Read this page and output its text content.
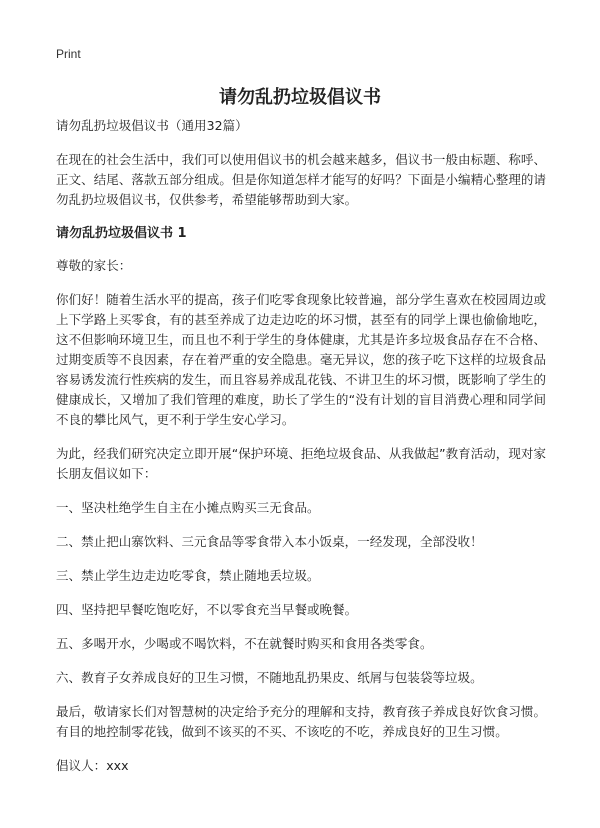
Print
请勿乱扔垃圾倡议书

请勿乱扔垃圾倡议书（通用32篇）

在现在的社会生活中，我们可以使用倡议书的机会越来越多，倡议书一般由标题、称呼、正文、结尾、落款五部分组成。但是你知道怎样才能写的好吗？下面是小编精心整理的请勿乱扔垃圾倡议书，仅供参考，希望能够帮助到大家。

请勿乱扔垃圾倡议书 1

尊敬的家长：

你们好！随着生活水平的提高，孩子们吃零食现象比较普遍，部分学生喜欢在校园周边或上下学路上买零食，有的甚至养成了边走边吃的坏习惯，甚至有的同学上课也偷偷地吃，这不但影响环境卫生，而且也不利于学生的身体健康，尤其是许多垃圾食品存在不合格、过期变质等不良因素，存在着严重的安全隐患。毫无异议，您的孩子吃下这样的垃圾食品容易诱发流行性疾病的发生，而且容易养成乱花钱、不讲卫生的坏习惯，既影响了学生的健康成长，又增加了我们管理的难度，助长了学生的“没有计划的盲目消费心理和同学间不良的攀比风气，更不利于学生安心学习。

为此，经我们研究决定立即开展“保护环境、拒绝垃圾食品、从我做起”教育活动，现对家长朋友倡议如下：

一、坚决杜绝学生自主在小摊点购买三无食品。

二、禁止把山寨饮料、三元食品等零食带入本小饭桌，一经发现，全部没收！

三、禁止学生边走边吃零食，禁止随地丢垃圾。

四、坚持把早餐吃饱吃好，不以零食充当早餐或晚餐。

五、多喝开水，少喝或不喝饮料，不在就餐时购买和食用各类零食。

六、教育子女养成良好的卫生习惯，不随地乱扔果皮、纸屑与包装袋等垃圾。

最后，敬请家长们对智慧树的决定给予充分的理解和支持，教育孩子养成良好饮食习惯。有目的地控制零花钱，做到不该买的不买、不该吃的不吃，养成良好的卫生习惯。

倡议人：xxx
